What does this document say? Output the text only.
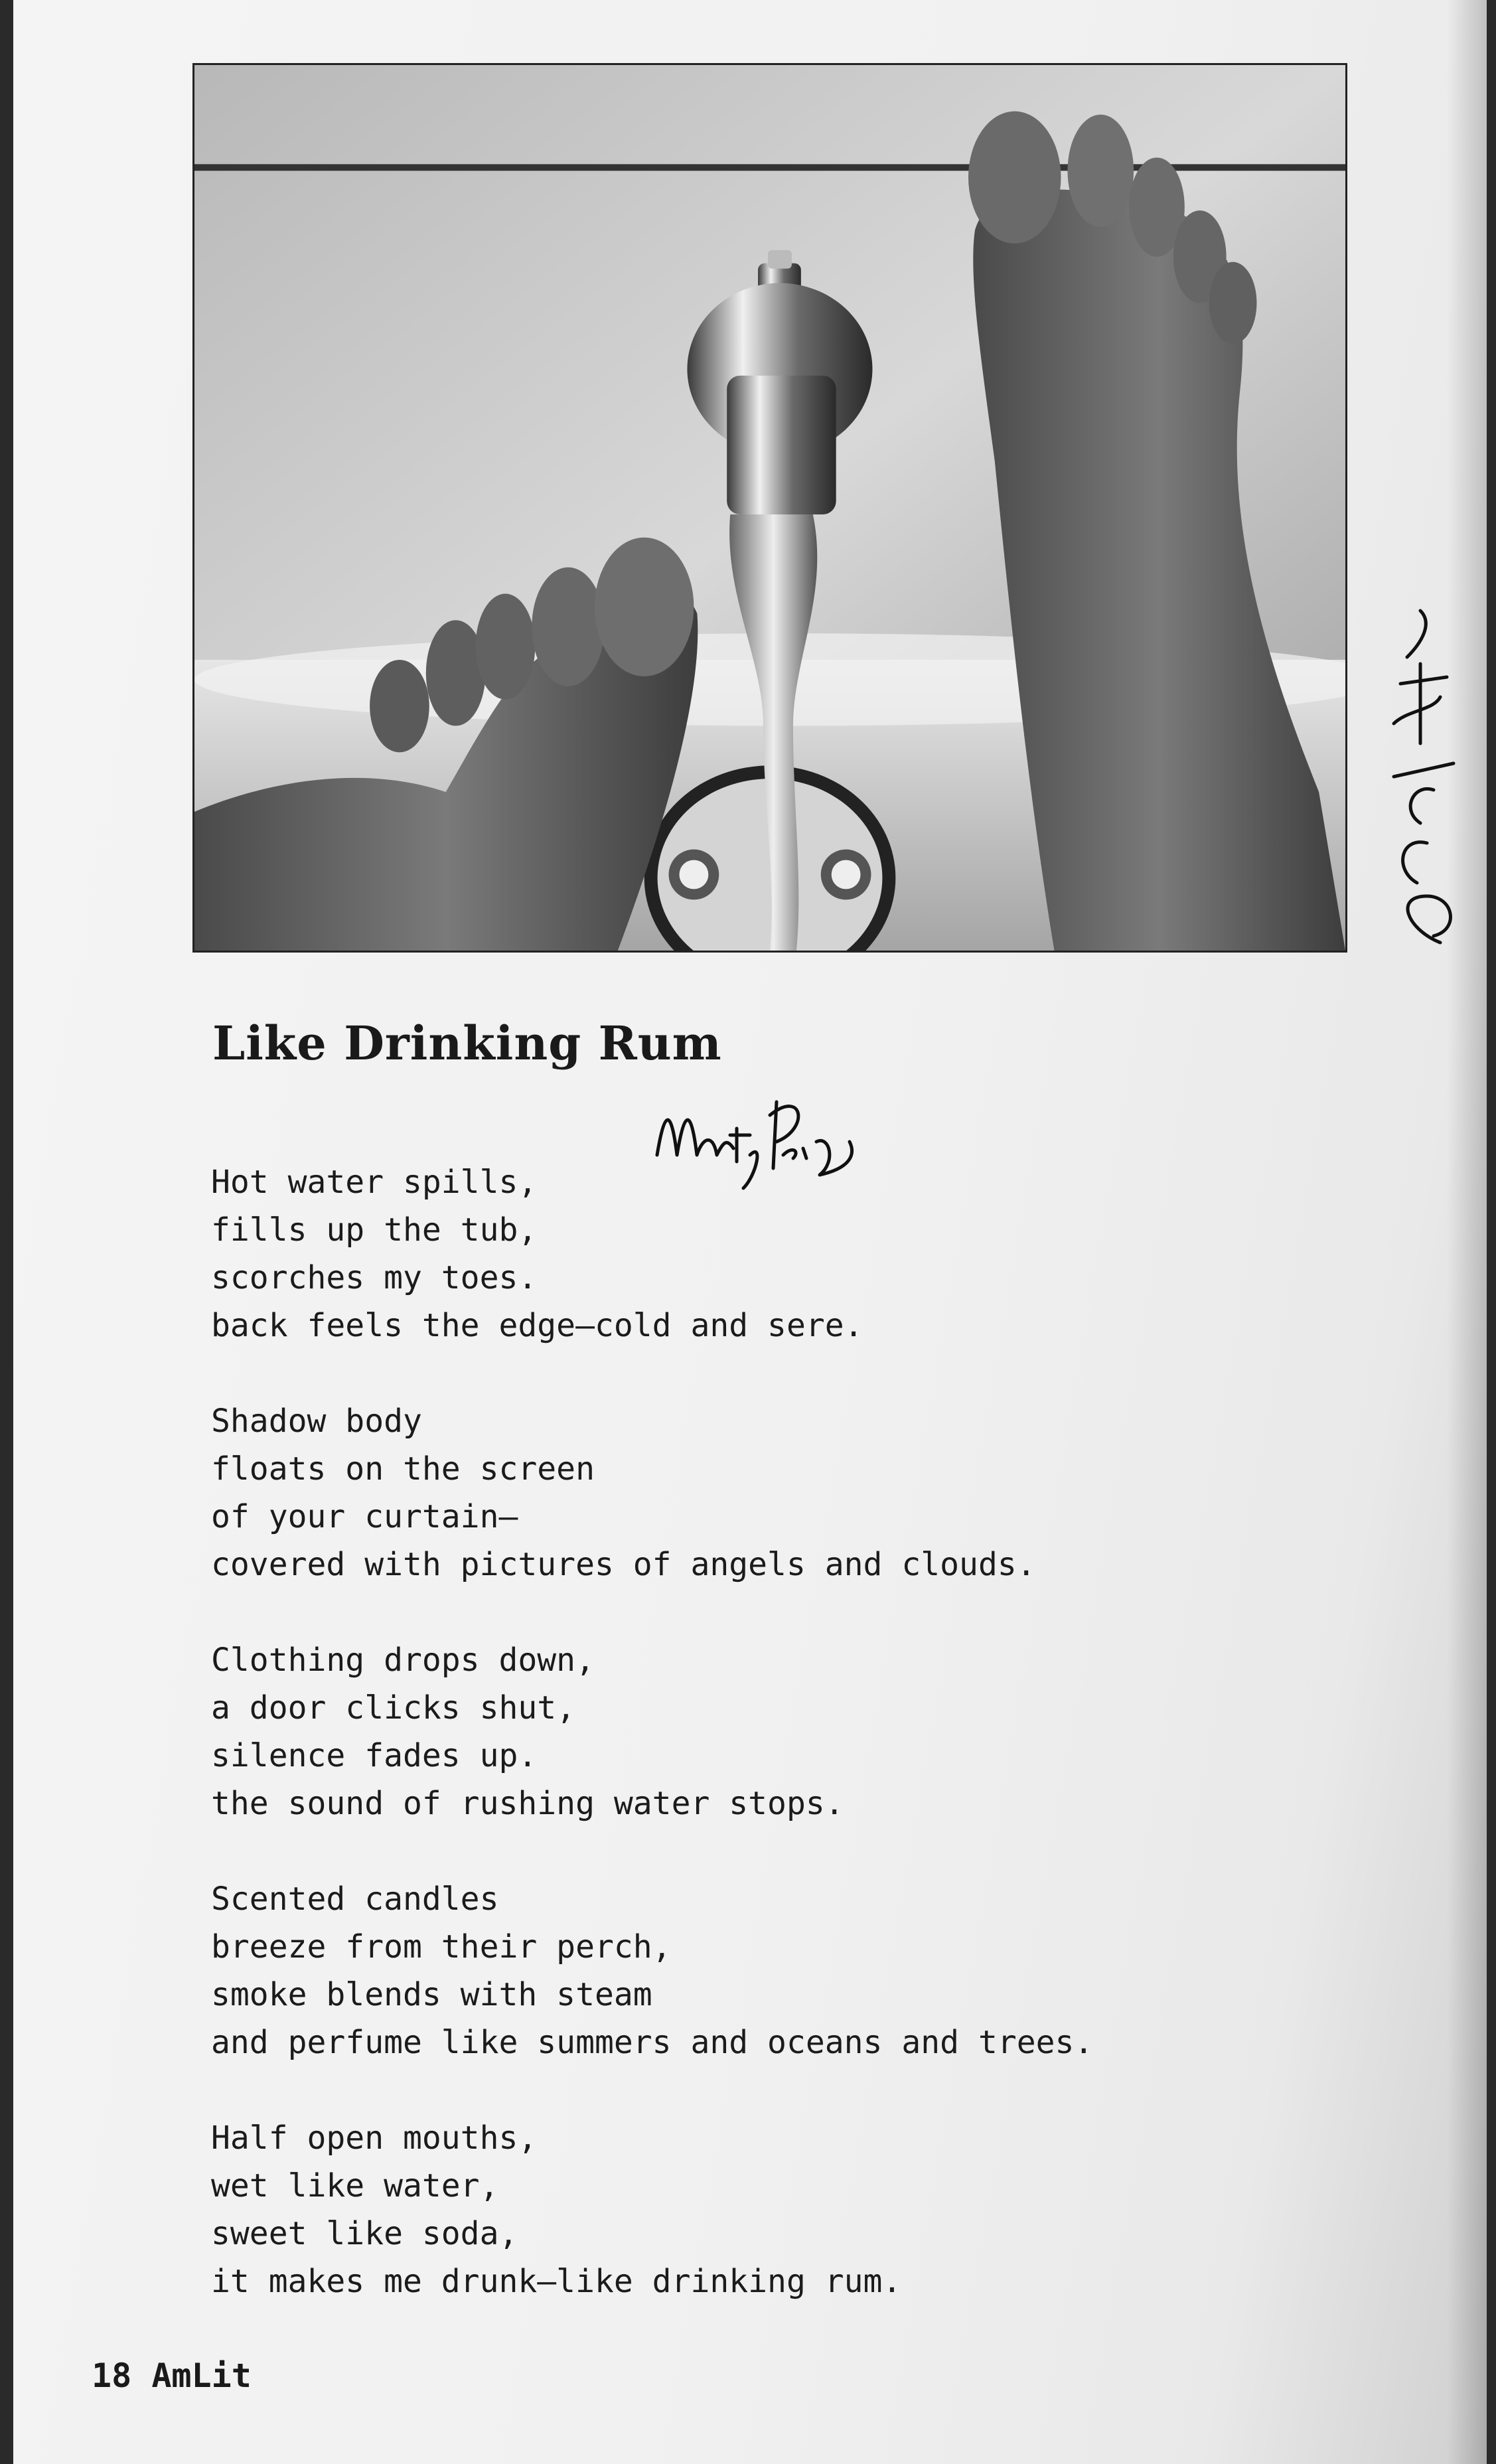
Like Drinking Rum
Hot water spills,
fills up the tub,
scorches my toes.
back feels the edge—cold and sere.
Shadow body
floats on the screen
of your curtain—
covered with pictures of angels and clouds.
Clothing drops down,
a door clicks shut,
silence fades up.
the sound of rushing water stops.
Scented candles
breeze from their perch,
smoke blends with steam
and perfume like summers and oceans and trees.
Half open mouths,
wet like water,
sweet like soda,
it makes me drunk—like drinking rum.
18 AmLit
